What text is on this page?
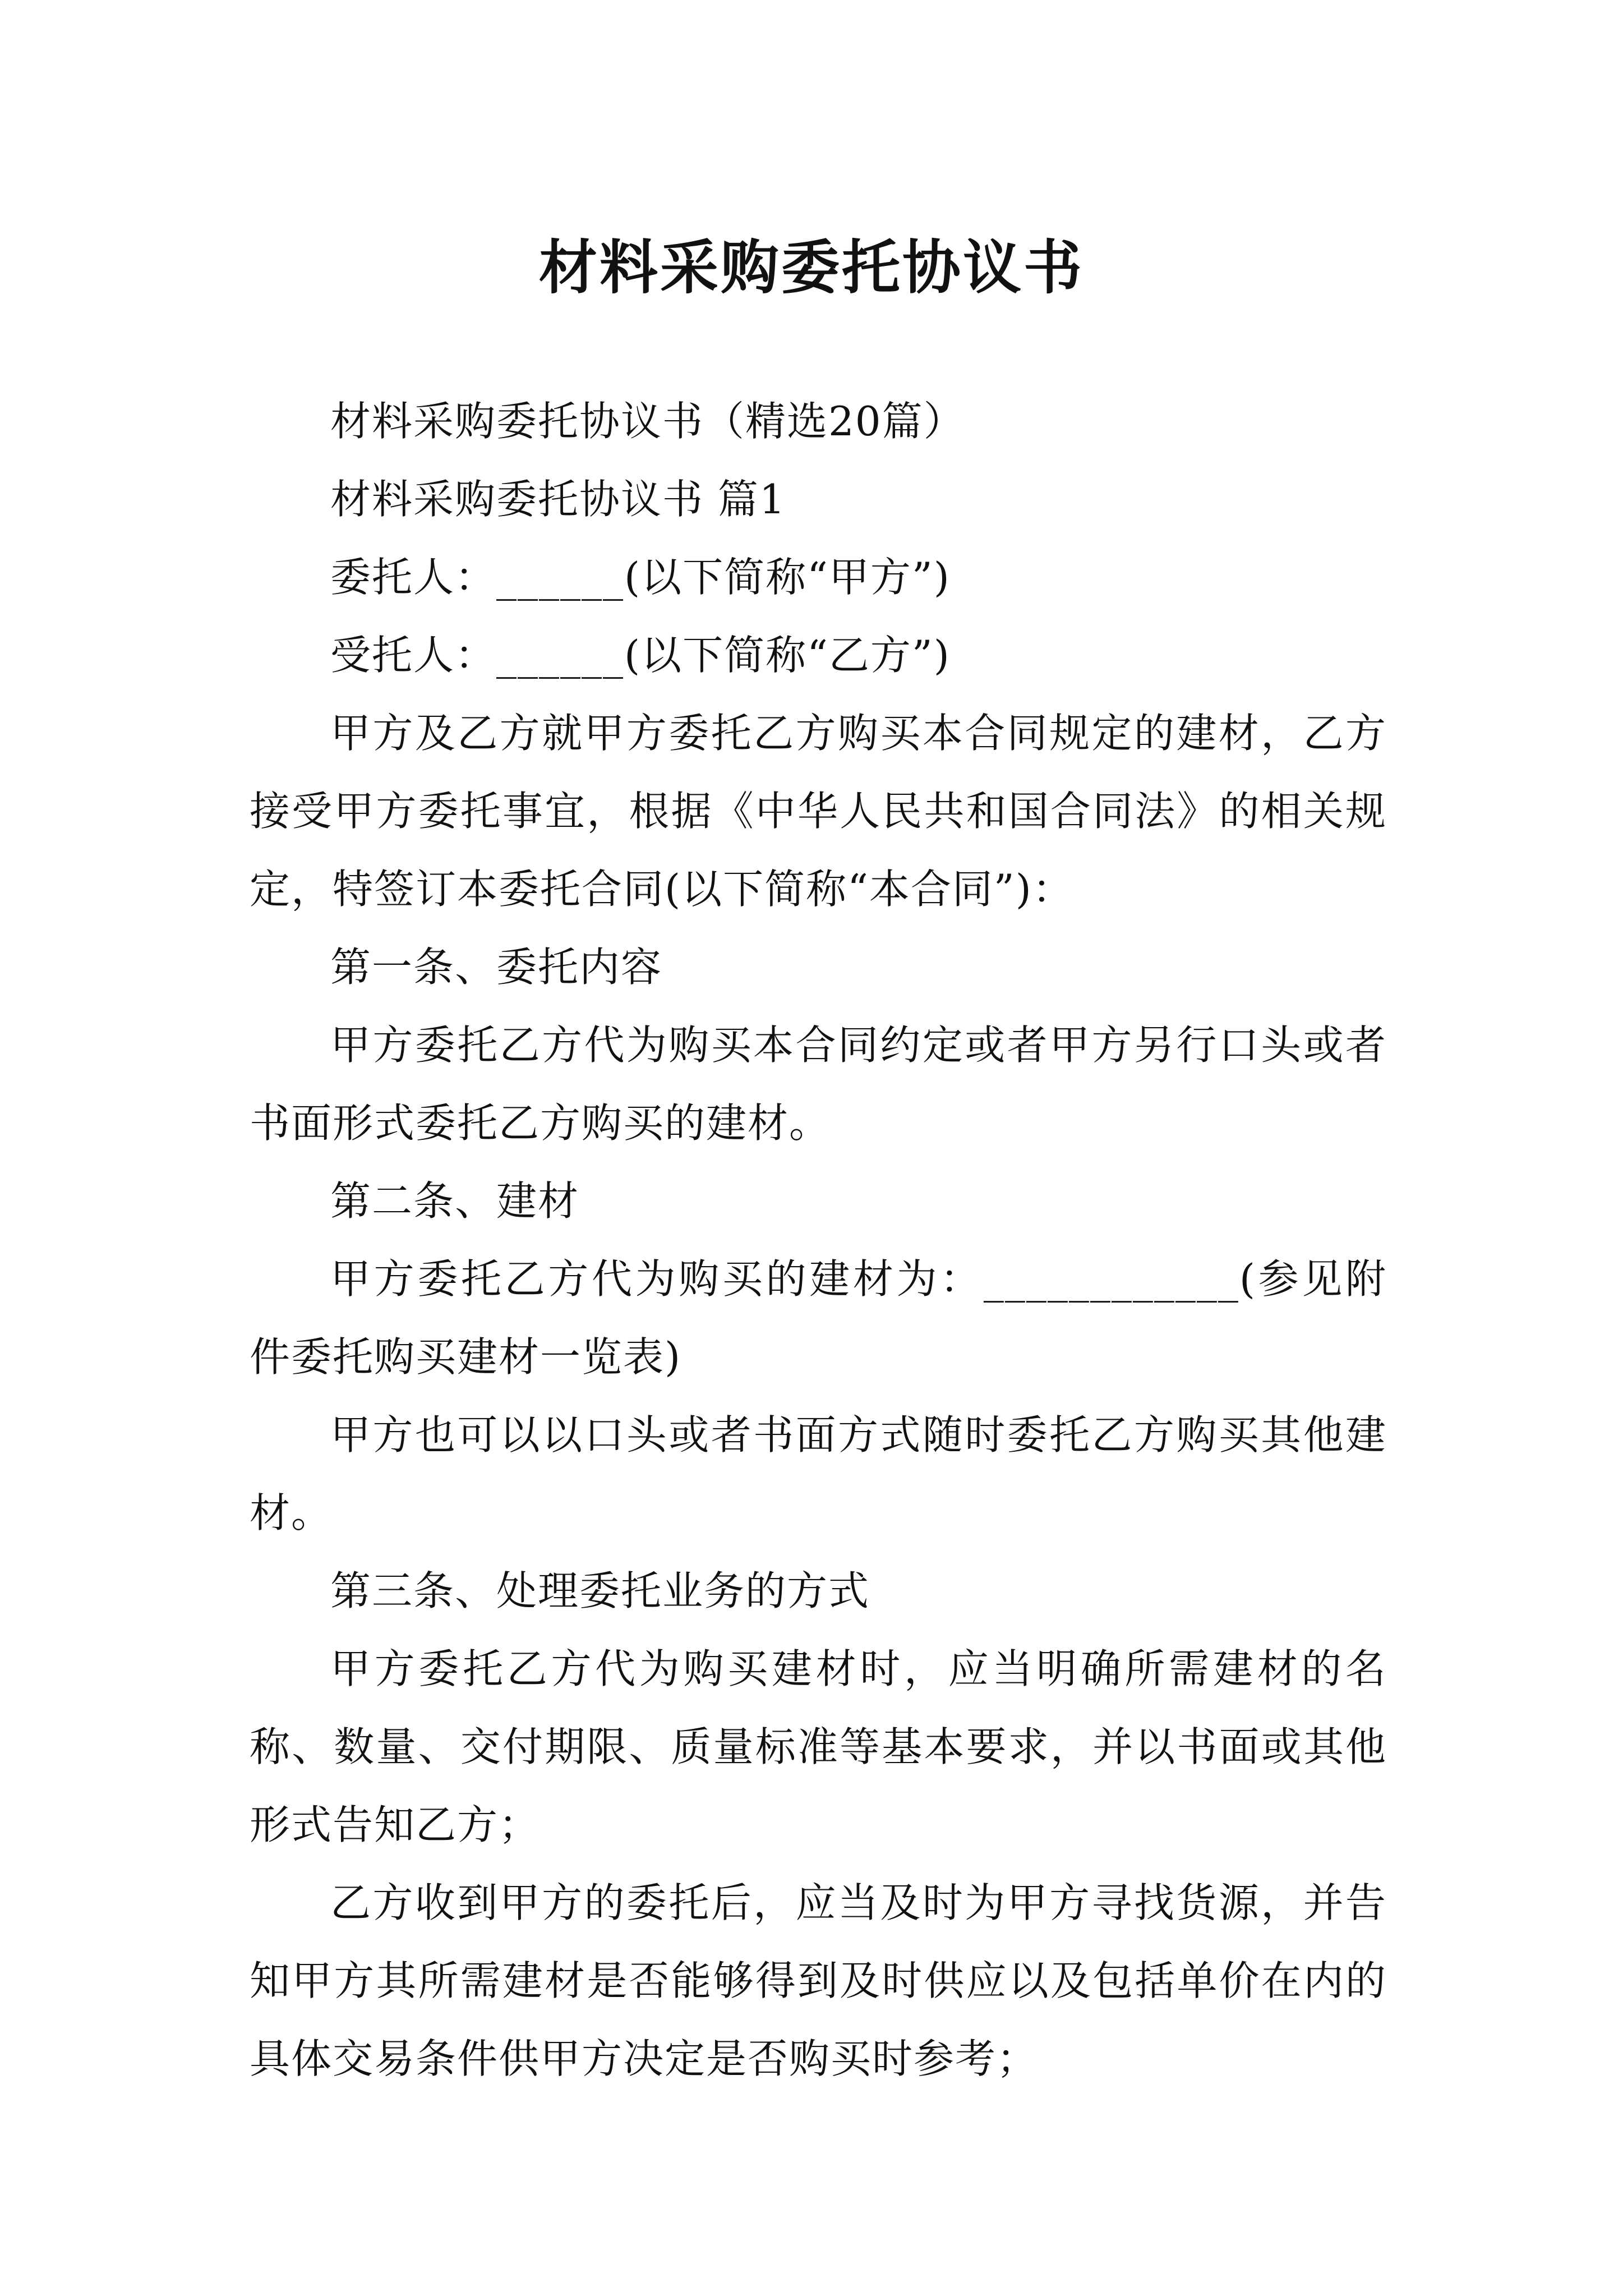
材料采购委托协议书

材料采购委托协议书（精选20篇）

材料采购委托协议书 篇1

委托人：______(以下简称“甲方”)

受托人：______(以下简称“乙方”)

甲方及乙方就甲方委托乙方购买本合同规定的建材，乙方接受甲方委托事宜，根据《中华人民共和国合同法》的相关规定，特签订本委托合同(以下简称“本合同”)：

第一条、委托内容

甲方委托乙方代为购买本合同约定或者甲方另行口头或者书面形式委托乙方购买的建材。

第二条、建材

甲方委托乙方代为购买的建材为：____________(参见附件委托购买建材一览表)

甲方也可以以口头或者书面方式随时委托乙方购买其他建材。

第三条、处理委托业务的方式

甲方委托乙方代为购买建材时，应当明确所需建材的名称、数量、交付期限、质量标准等基本要求，并以书面或其他形式告知乙方；

乙方收到甲方的委托后，应当及时为甲方寻找货源，并告知甲方其所需建材是否能够得到及时供应以及包括单价在内的具体交易条件供甲方决定是否购买时参考；
